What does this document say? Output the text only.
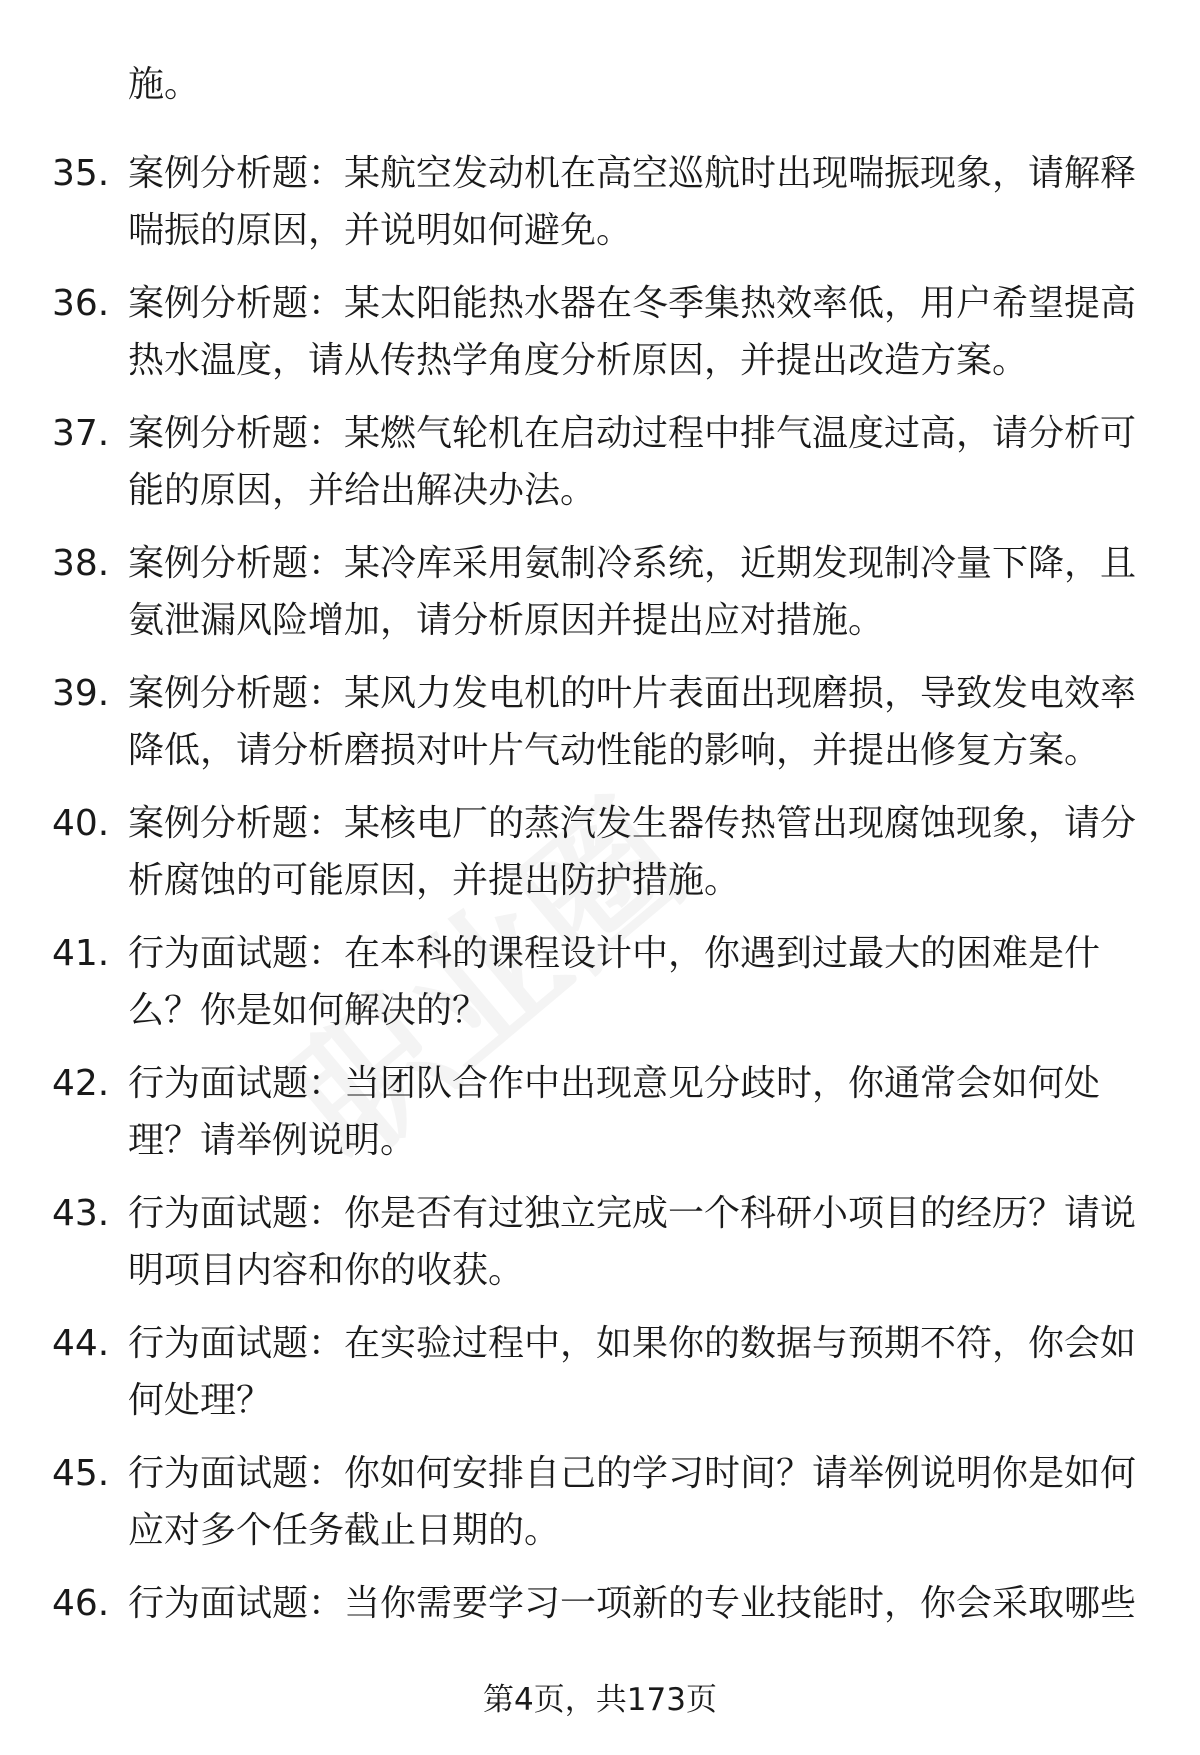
施。
35. 案例分析题：某航空发动机在高空巡航时出现喘振现象，请解释喘振的原因，并说明如何避免。
36. 案例分析题：某太阳能热水器在冬季集热效率低，用户希望提高热水温度，请从传热学角度分析原因，并提出改造方案。
37. 案例分析题：某燃气轮机在启动过程中排气温度过高，请分析可能的原因，并给出解决办法。
38. 案例分析题：某冷库采用氨制冷系统，近期发现制冷量下降，且氨泄漏风险增加，请分析原因并提出应对措施。
39. 案例分析题：某风力发电机的叶片表面出现磨损，导致发电效率降低，请分析磨损对叶片气动性能的影响，并提出修复方案。
40. 案例分析题：某核电厂的蒸汽发生器传热管出现腐蚀现象，请分析腐蚀的可能原因，并提出防护措施。
41. 行为面试题：在本科的课程设计中，你遇到过最大的困难是什么？你是如何解决的？
42. 行为面试题：当团队合作中出现意见分歧时，你通常会如何处理？请举例说明。
43. 行为面试题：你是否有过独立完成一个科研小项目的经历？请说明项目内容和你的收获。
44. 行为面试题：在实验过程中，如果你的数据与预期不符，你会如何处理？
45. 行为面试题：你如何安排自己的学习时间？请举例说明你是如何应对多个任务截止日期的。
46. 行为面试题：当你需要学习一项新的专业技能时，你会采取哪些
第4页，共173页
